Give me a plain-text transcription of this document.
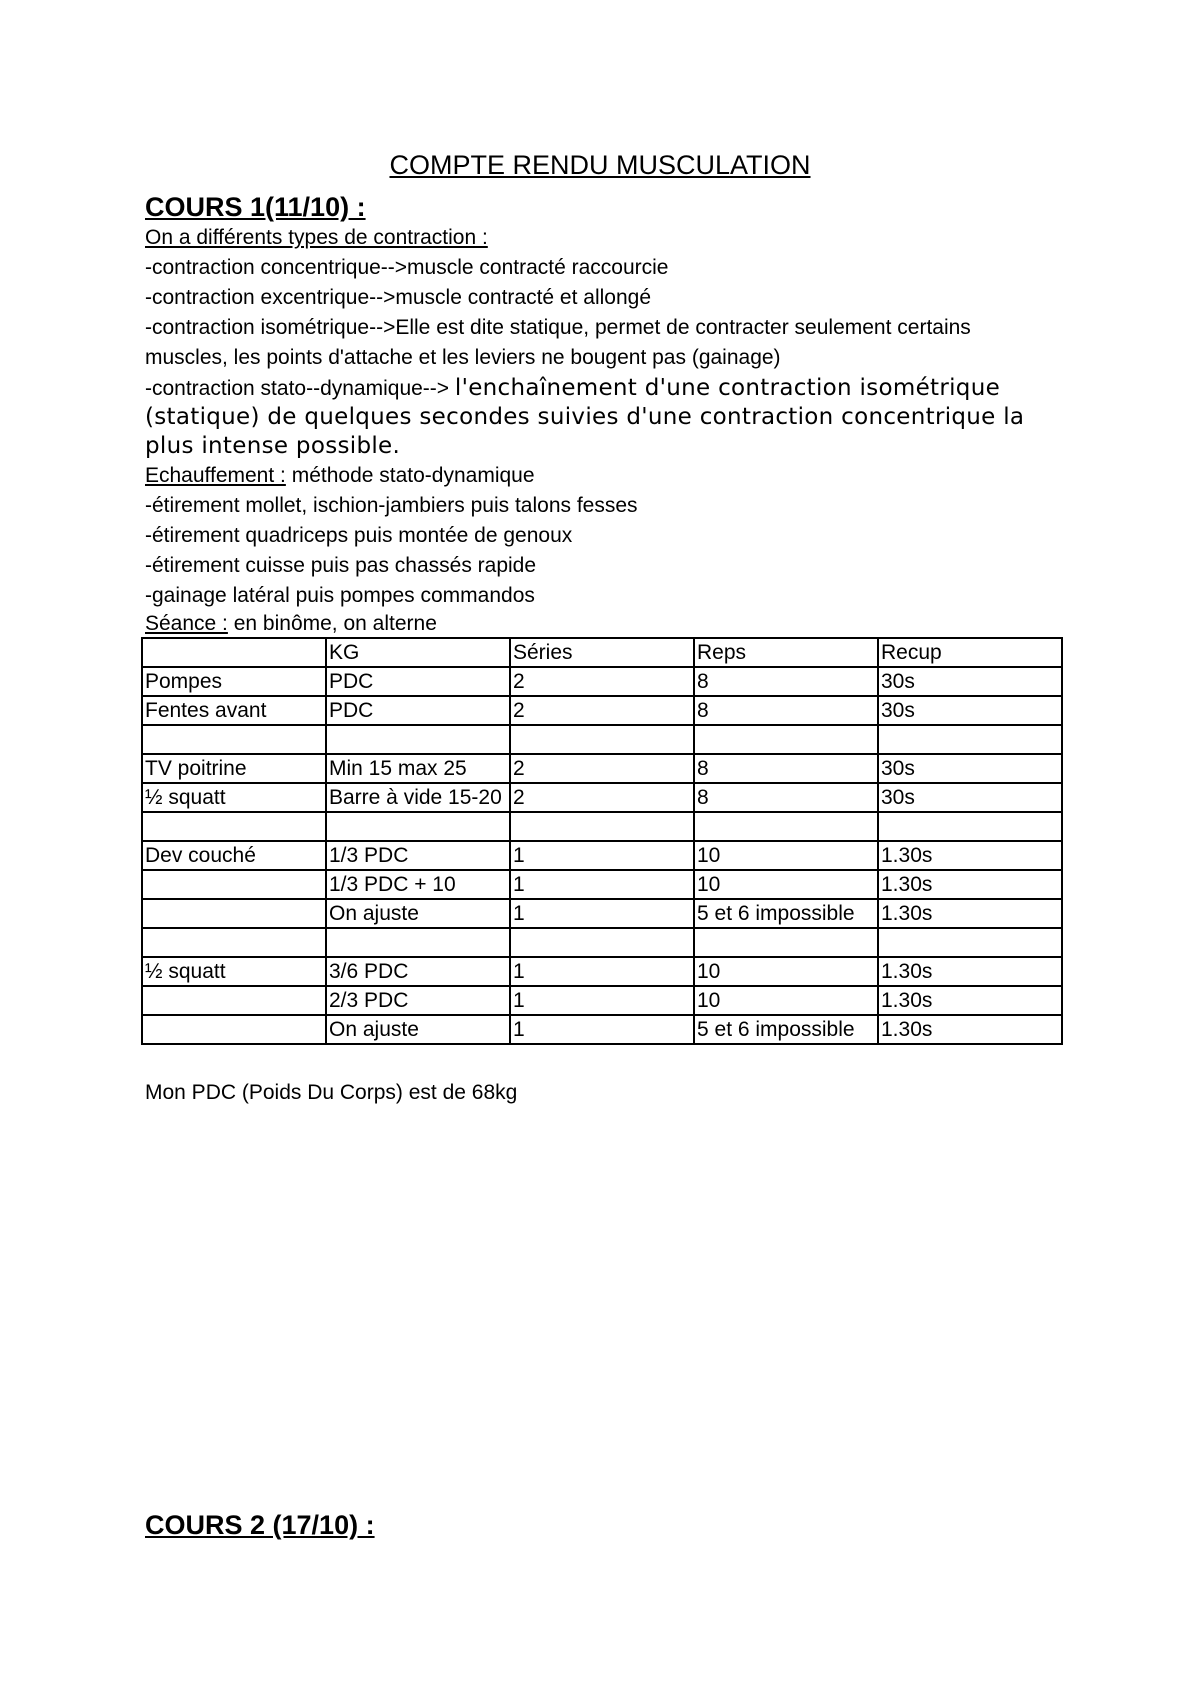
COMPTE RENDU MUSCULATION
COURS 1(11/10) :
On a différents types de contraction :
-contraction concentrique-->muscle contracté raccourcie
-contraction excentrique-->muscle contracté et allongé
-contraction isométrique-->Elle est dite statique, permet de contracter seulement certains
muscles, les points d'attache et les leviers ne bougent pas (gainage)
-contraction stato--dynamique--> l'enchaînement d'une contraction isométrique (statique) de quelques secondes suivies d'une contraction concentrique la plus intense possible.
Echauffement : méthode stato-dynamique
-étirement mollet, ischion-jambiers puis talons fesses
-étirement quadriceps puis montée de genoux
-étirement cuisse puis pas chassés rapide
-gainage latéral puis pompes commandos
Séance : en binôme, on alterne
	KG	Séries	Reps	Recup
Pompes	PDC	2	8	30s
Fentes avant	PDC	2	8	30s

TV poitrine	Min 15 max 25	2	8	30s
½ squatt	Barre à vide 15-20	2	8	30s

Dev couché	1/3 PDC	1	10	1.30s
	1/3 PDC + 10	1	10	1.30s
	On ajuste	1	5 et 6 impossible	1.30s

½ squatt	3/6 PDC	1	10	1.30s
	2/3 PDC	1	10	1.30s
	On ajuste	1	5 et 6 impossible	1.30s
Mon PDC (Poids Du Corps) est de 68kg
COURS 2 (17/10) :
